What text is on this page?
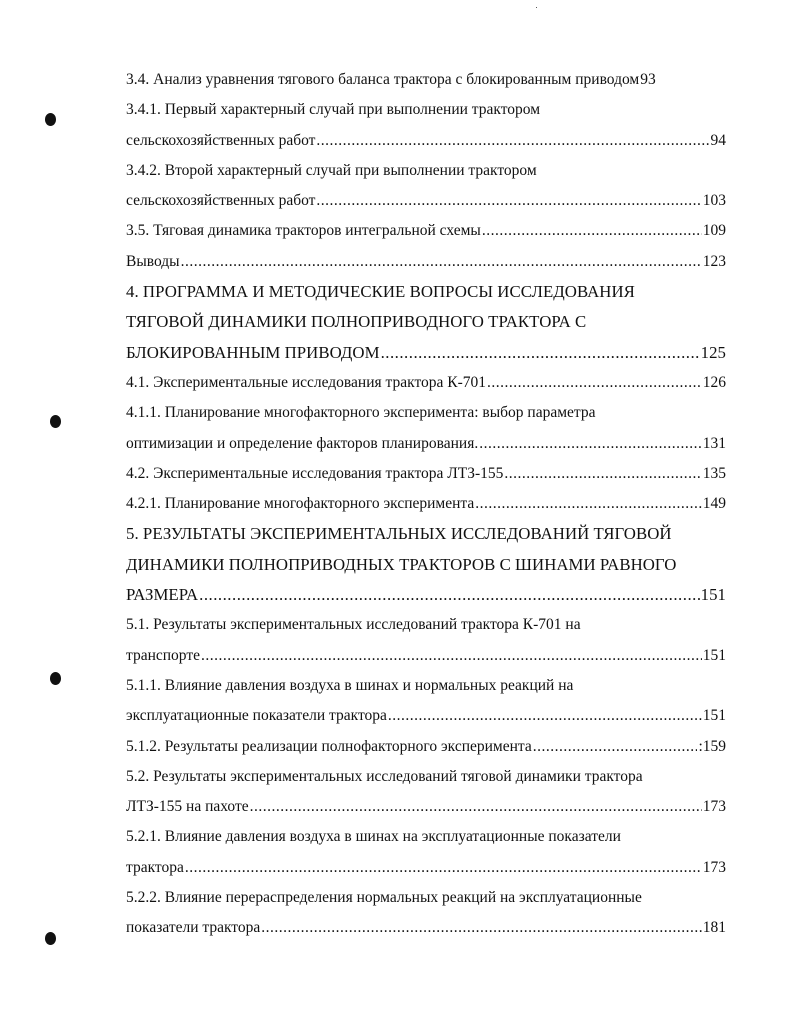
3.4. Анализ уравнения тягового баланса трактора с блокированным приводом 93
3.4.1. Первый характерный случай при выполнении трактором
сельскохозяйственных работ .....	94
3.4.2. Второй характерный случай при выполнении трактором
сельскохозяйственных работ .....	103
3.5. Тяговая динамика тракторов интегральной схемы .....	109
Выводы .....	123
4. ПРОГРАММА И МЕТОДИЧЕСКИЕ ВОПРОСЫ ИССЛЕДОВАНИЯ
ТЯГОВОЙ ДИНАМИКИ ПОЛНОПРИВОДНОГО ТРАКТОРА С
БЛОКИРОВАННЫМ ПРИВОДОМ .....	125
4.1. Экспериментальные исследования трактора К-701 .....	126
4.1.1. Планирование многофакторного эксперимента: выбор параметра
оптимизации и определение факторов планирования. .....	131
4.2. Экспериментальные исследования трактора ЛТЗ-155 .....	135
4.2.1. Планирование многофакторного эксперимента .....	149
5. РЕЗУЛЬТАТЫ ЭКСПЕРИМЕНТАЛЬНЫХ ИССЛЕДОВАНИЙ ТЯГОВОЙ
ДИНАМИКИ ПОЛНОПРИВОДНЫХ ТРАКТОРОВ С ШИНАМИ РАВНОГО
РАЗМЕРА .....	151
5.1. Результаты экспериментальных исследований трактора К-701 на
транспорте .....	151
5.1.1. Влияние давления воздуха в шинах и нормальных реакций на
эксплуатационные показатели трактора .....	151
5.1.2. Результаты реализации полнофакторного эксперимента .....	:159
5.2. Результаты экспериментальных исследований тяговой динамики трактора
ЛТЗ-155 на пахоте .....	173
5.2.1. Влияние давления воздуха в шинах на эксплуатационные показатели
трактора .....	173
5.2.2. Влияние перераспределения нормальных реакций на эксплуатационные
показатели трактора .....	181
